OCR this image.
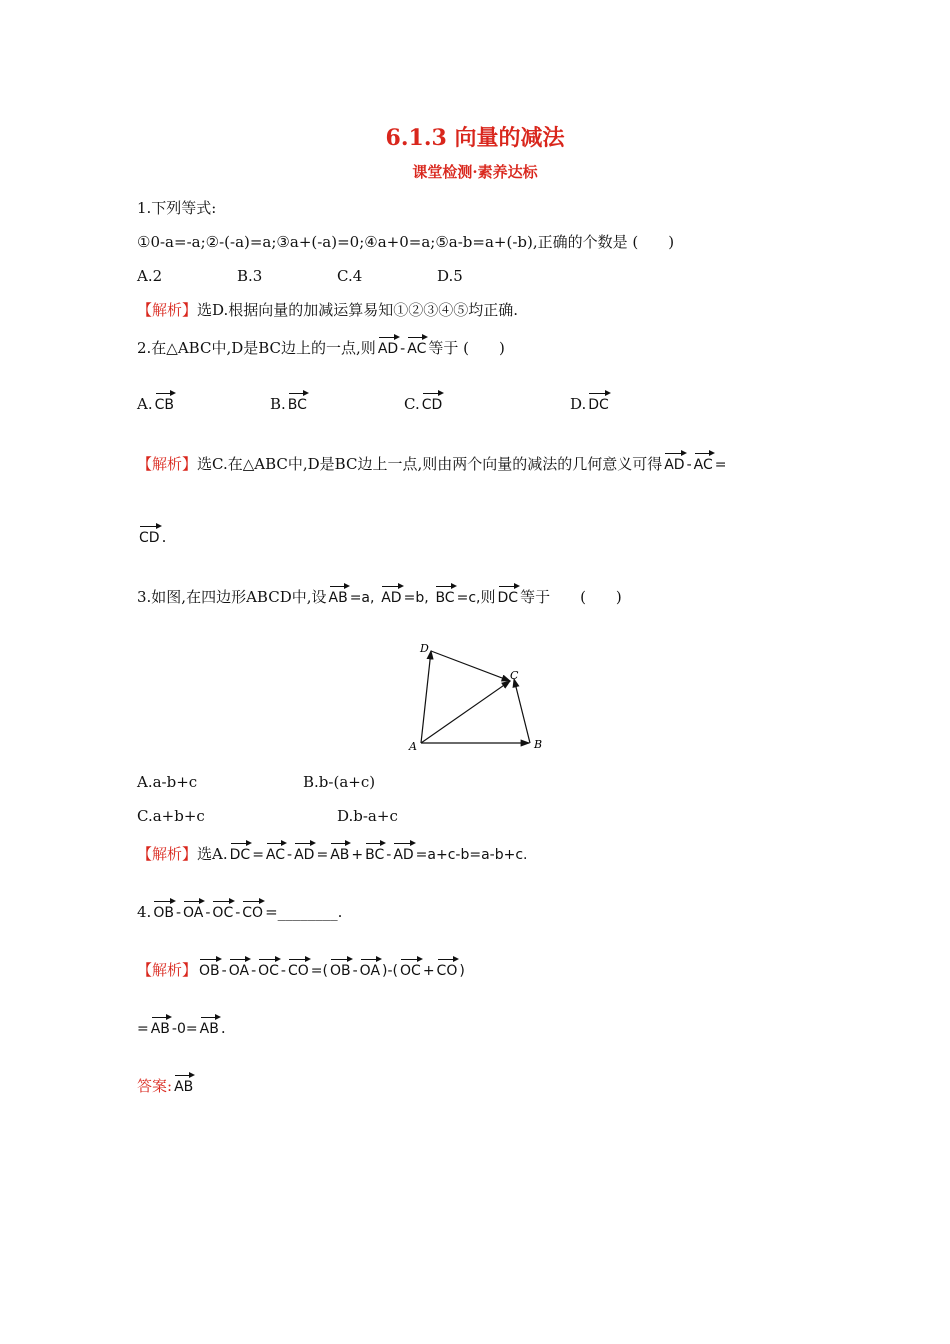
6.1.3 向量的减法
课堂检测·素养达标
1.下列等式:
①0-a=-a;②-(-a)=a;③a+(-a)=0;④a+0=a;⑤a-b=a+(-b),正确的个数是 (　　)
A.2	B.3	C.4	D.5
【解析】选D.根据向量的加减运算易知①②③④⑤均正确.
2.在△ABC中,D是BC边上的一点,则 AD - AC 等于 (　　)
A. CB	B. BC	C. CD	D. DC
【解析】选C.在△ABC中,D是BC边上一点,则由两个向量的减法的几何意义可得 AD - AC =
CD .
3.如图,在四边形ABCD中,设 AB =a, AD =b, BC =c,则 DC 等于　　(　　)
D
C
A	B
A.a-b+c	B.b-(a+c)
C.a+b+c	D.b-a+c
【解析】选A. DC = AC - AD = AB + BC - AD =a+c-b=a-b+c.
4. OB - OA - OC - CO =________.
【解析】 OB - OA - OC - CO =( OB - OA )-( OC + CO )
= AB -0= AB .
答案: AB
